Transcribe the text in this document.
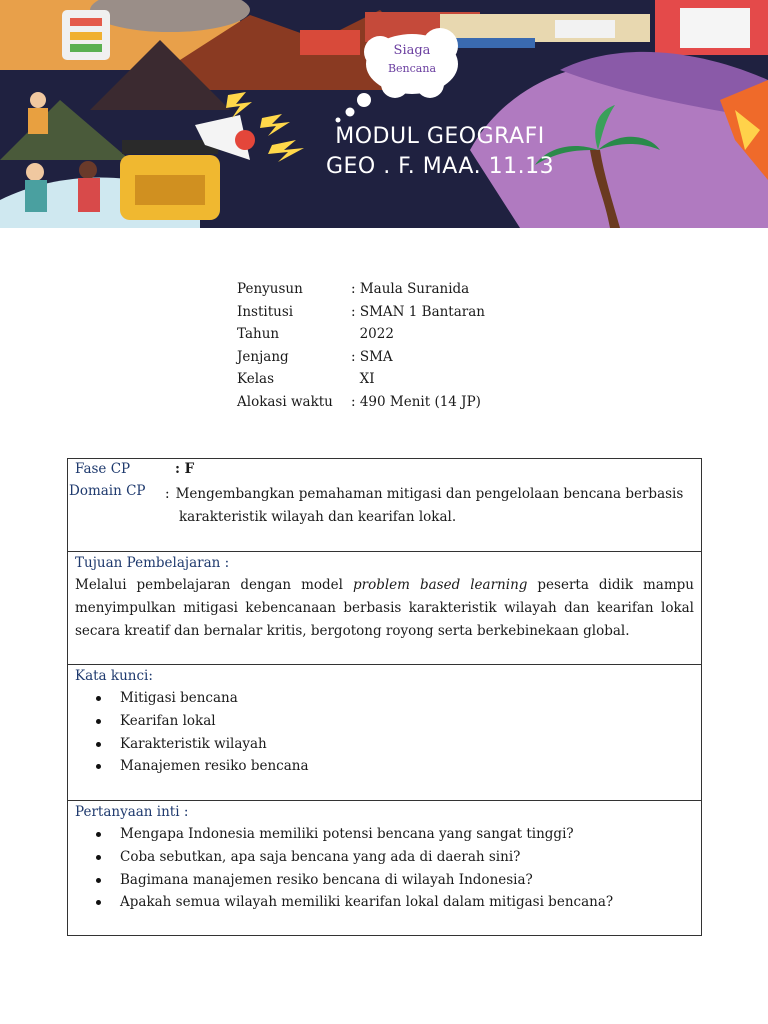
Siaga
Bencana
MODUL GEOGRAFI
GEO . F. MAA. 11.13
Penyusun	: Maula Suranida
Institusi	: SMAN 1 Bantaran
Tahun	2022
Jenjang	: SMA
Kelas	XI
Alokasi waktu	: 490 Menit (14 JP)
Fase CP	: F
Domain CP : Mengembangkan pemahaman mitigasi dan pengelolaan bencana berbasis
karakteristik wilayah dan kearifan lokal.
Tujuan Pembelajaran :

Melalui pembelajaran dengan model problem based learning peserta didik mampu menyimpulkan mitigasi kebencanaan berbasis karakteristik wilayah dan kearifan lokal secara kreatif dan bernalar kritis, bergotong royong serta berkebinekaan global.

Kata kunci:
Mitigasi bencana
Kearifan lokal
Karakteristik wilayah
Manajemen resiko bencana
Pertanyaan inti :
Mengapa Indonesia memiliki potensi bencana yang sangat tinggi?
Coba sebutkan, apa saja bencana yang ada di daerah sini?
Bagimana manajemen resiko bencana di wilayah Indonesia?
Apakah semua wilayah memiliki kearifan lokal dalam mitigasi bencana?
